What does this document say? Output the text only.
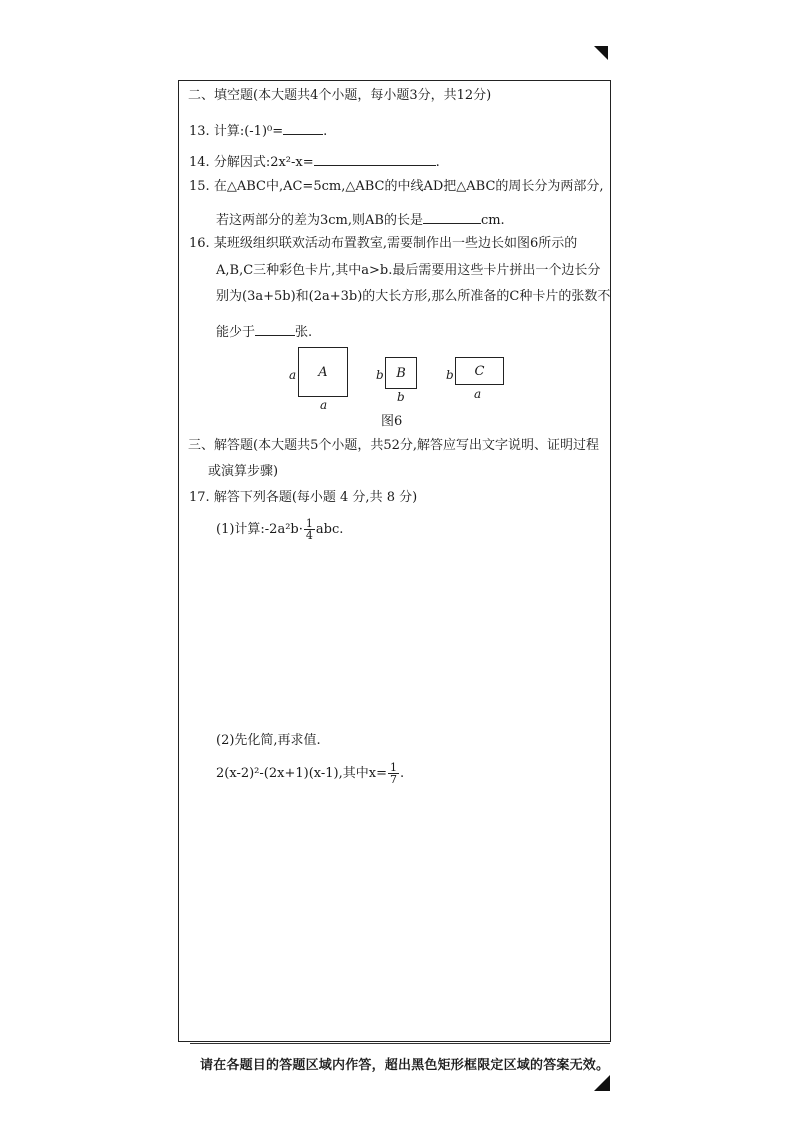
二、填空题(本大题共4个小题，每小题3分，共12分)
13. 计算:(-1)⁰=	.
14. 分解因式:2x²-x=	.
15. 在△ABC中,AC=5cm,△ABC的中线AD把△ABC的周长分为两部分,
若这两部分的差为3cm,则AB的长是	cm.
16. 某班级组织联欢活动布置教室,需要制作出一些边长如图6所示的
A,B,C三种彩色卡片,其中a>b.最后需要用这些卡片拼出一个边长分
别为(3a+5b)和(2a+3b)的大长方形,那么所准备的C种卡片的张数不
能少于	张.
a A
a
b B
b
b C
a
图6
三、解答题(本大题共5个小题，共52分,解答应写出文字说明、证明过程
或演算步骤)
17. 解答下列各题(每小题 4 分,共 8 分)
(1)计算:-2a²b· $\frac{1}{4}$ abc.
(2)先化简,再求值.
2(x-2)²-(2x+1)(x-1),其中$x= \frac{1}{7}$ .
请在各题目的答题区域内作答，超出黑色矩形框限定区域的答案无效。
